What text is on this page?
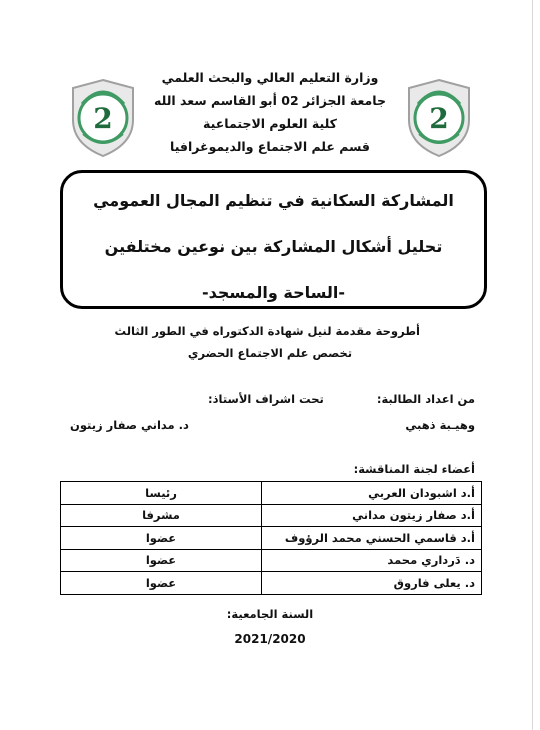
2	2
وزارة التعليم العالي والبحث العلمي
جامعة الجزائر 02 أبو القاسم سعد الله
كلية العلوم الاجتماعية
قسم علم الاجتماع والديموغرافيا
المشاركة السكانية في تنظيم المجال العمومي
تحليل أشكال المشاركة بين نوعين مختلفين
-الساحة والمسجد-
أطروحة مقدمة لنيل شهادة الدكتوراه في الطور الثالث
تخصص علم الاجتماع الحضري
من اعداد الطالبة:
وهيـبة ذهبي
تحت اشراف الأستاذ:
د. مداني صفار زيتون
أعضاء لجنة المناقشة:
أ.د اشبودان العربي	رئيسا
أ.د صفار زيتون مداني	مشرفا
أ.د قاسمي الحسني محمد الرؤوف	عضوا
د. دَرداري محمد	عضوا
د. يعلى فاروق	عضوا
السنة الجامعية:
2021/2020
